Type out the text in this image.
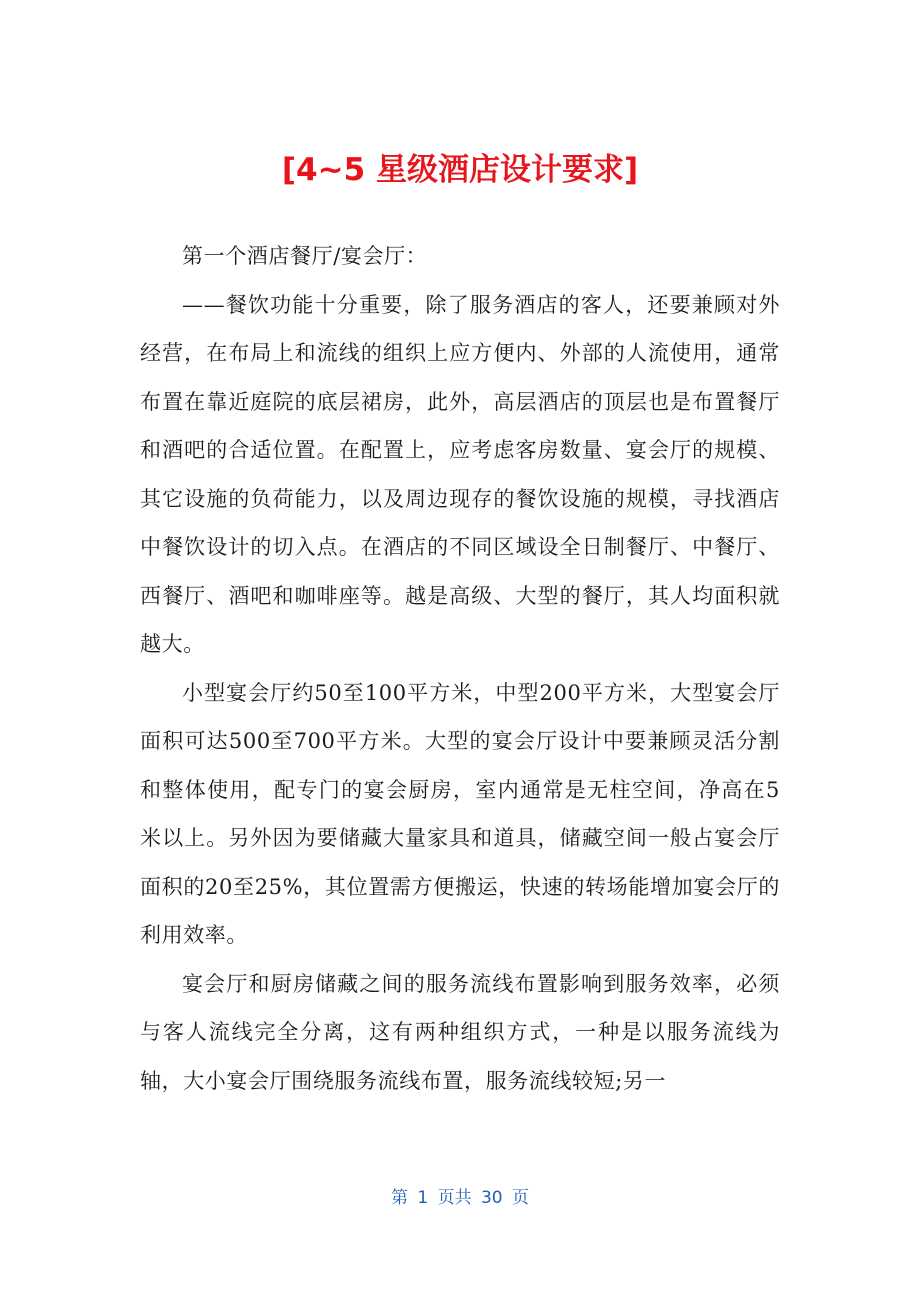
[4~5 星级酒店设计要求]

第一个酒店餐厅/宴会厅：

——餐饮功能十分重要，除了服务酒店的客人，还要兼顾对外经营，在布局上和流线的组织上应方便内、外部的人流使用，通常布置在靠近庭院的底层裙房，此外，高层酒店的顶层也是布置餐厅和酒吧的合适位置。在配置上，应考虑客房数量、宴会厅的规模、其它设施的负荷能力，以及周边现存的餐饮设施的规模，寻找酒店中餐饮设计的切入点。在酒店的不同区域设全日制餐厅、中餐厅、西餐厅、酒吧和咖啡座等。越是高级、大型的餐厅，其人均面积就越大。

小型宴会厅约50至100平方米，中型200平方米，大型宴会厅面积可达500至700平方米。大型的宴会厅设计中要兼顾灵活分割和整体使用，配专门的宴会厨房，室内通常是无柱空间，净高在5米以上。另外因为要储藏大量家具和道具，储藏空间一般占宴会厅面积的20至25%，其位置需方便搬运，快速的转场能增加宴会厅的利用效率。

宴会厅和厨房储藏之间的服务流线布置影响到服务效率，必须与客人流线完全分离，这有两种组织方式，一种是以服务流线为轴，大小宴会厅围绕服务流线布置，服务流线较短;另一

第 1 页共 30 页
